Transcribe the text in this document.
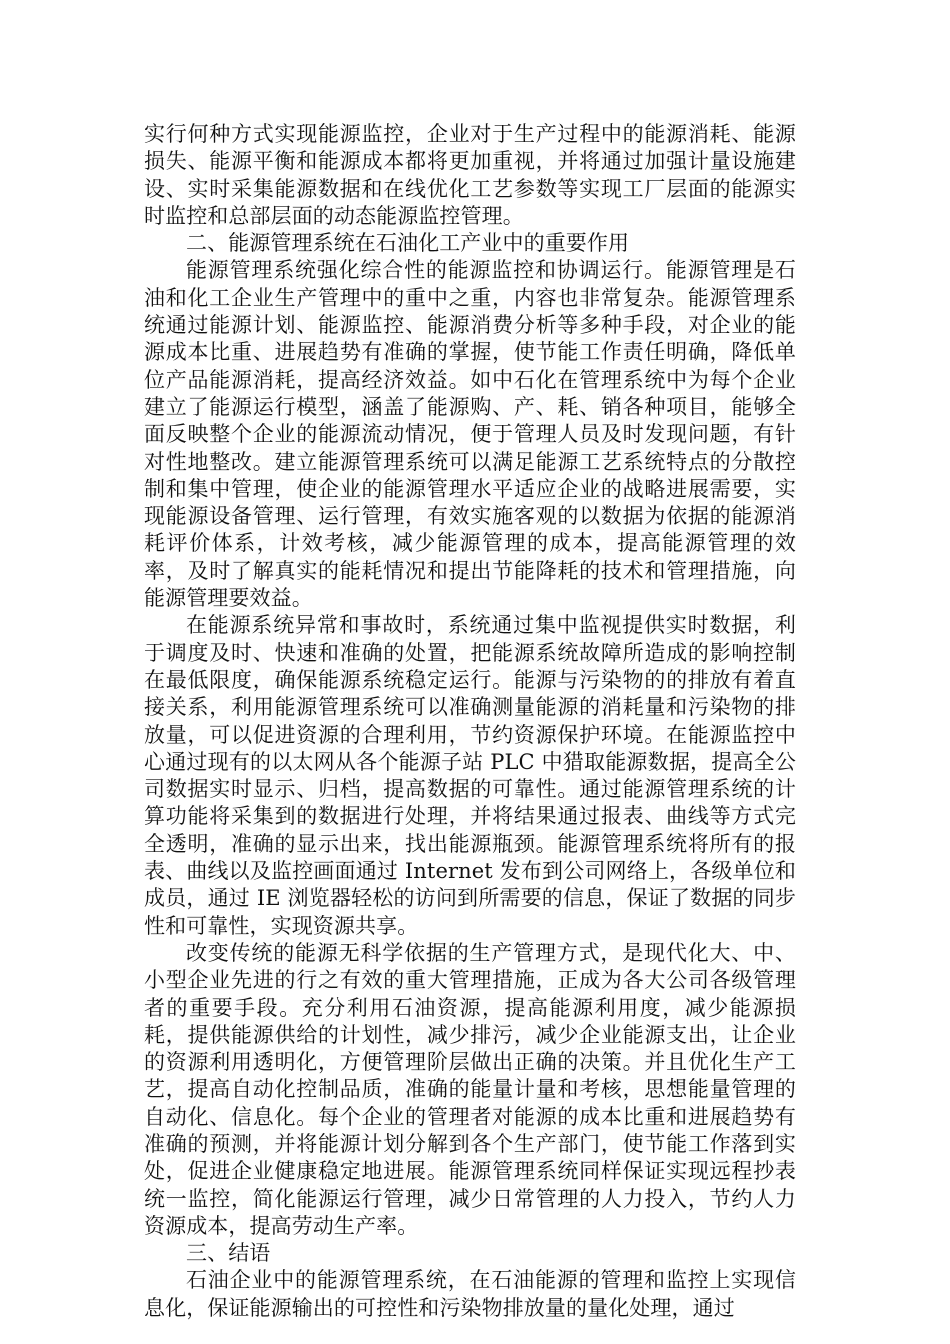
实行何种方式实现能源监控，企业对于生产过程中的能源消耗、能源损失、能源平衡和能源成本都将更加重视，并将通过加强计量设施建设、实时采集能源数据和在线优化工艺参数等实现工厂层面的能源实时监控和总部层面的动态能源监控管理。

二、能源管理系统在石油化工产业中的重要作用

能源管理系统强化综合性的能源监控和协调运行。能源管理是石油和化工企业生产管理中的重中之重，内容也非常复杂。能源管理系统通过能源计划、能源监控、能源消费分析等多种手段，对企业的能源成本比重、进展趋势有准确的掌握，使节能工作责任明确，降低单位产品能源消耗，提高经济效益。如中石化在管理系统中为每个企业建立了能源运行模型，涵盖了能源购、产、耗、销各种项目，能够全面反映整个企业的能源流动情况，便于管理人员及时发现问题，有针对性地整改。建立能源管理系统可以满足能源工艺系统特点的分散控制和集中管理，使企业的能源管理水平适应企业的战略进展需要，实现能源设备管理、运行管理，有效实施客观的以数据为依据的能源消耗评价体系，计效考核，减少能源管理的成本，提高能源管理的效率，及时了解真实的能耗情况和提出节能降耗的技术和管理措施，向能源管理要效益。

在能源系统异常和事故时，系统通过集中监视提供实时数据，利于调度及时、快速和准确的处置，把能源系统故障所造成的影响控制在最低限度，确保能源系统稳定运行。能源与污染物的的排放有着直接关系，利用能源管理系统可以准确测量能源的消耗量和污染物的排放量，可以促进资源的合理利用，节约资源保护环境。在能源监控中心通过现有的以太网从各个能源子站 PLC 中猎取能源数据，提高全公司数据实时显示、归档，提高数据的可靠性。通过能源管理系统的计算功能将采集到的数据进行处理，并将结果通过报表、曲线等方式完全透明，准确的显示出来，找出能源瓶颈。能源管理系统将所有的报表、曲线以及监控画面通过 Internet 发布到公司网络上，各级单位和成员，通过 IE 浏览器轻松的访问到所需要的信息，保证了数据的同步性和可靠性，实现资源共享。

改变传统的能源无科学依据的生产管理方式，是现代化大、中、小型企业先进的行之有效的重大管理措施，正成为各大公司各级管理者的重要手段。充分利用石油资源，提高能源利用度，减少能源损耗，提供能源供给的计划性，减少排污，减少企业能源支出，让企业的资源利用透明化，方便管理阶层做出正确的决策。并且优化生产工艺，提高自动化控制品质，准确的能量计量和考核，思想能量管理的自动化、信息化。每个企业的管理者对能源的成本比重和进展趋势有准确的预测，并将能源计划分解到各个生产部门，使节能工作落到实处，促进企业健康稳定地进展。能源管理系统同样保证实现远程抄表统一监控，简化能源运行管理，减少日常管理的人力投入，节约人力资源成本，提高劳动生产率。

三、结语

石油企业中的能源管理系统，在石油能源的管理和监控上实现信息化，保证能源输出的可控性和污染物排放量的量化处理，通过
